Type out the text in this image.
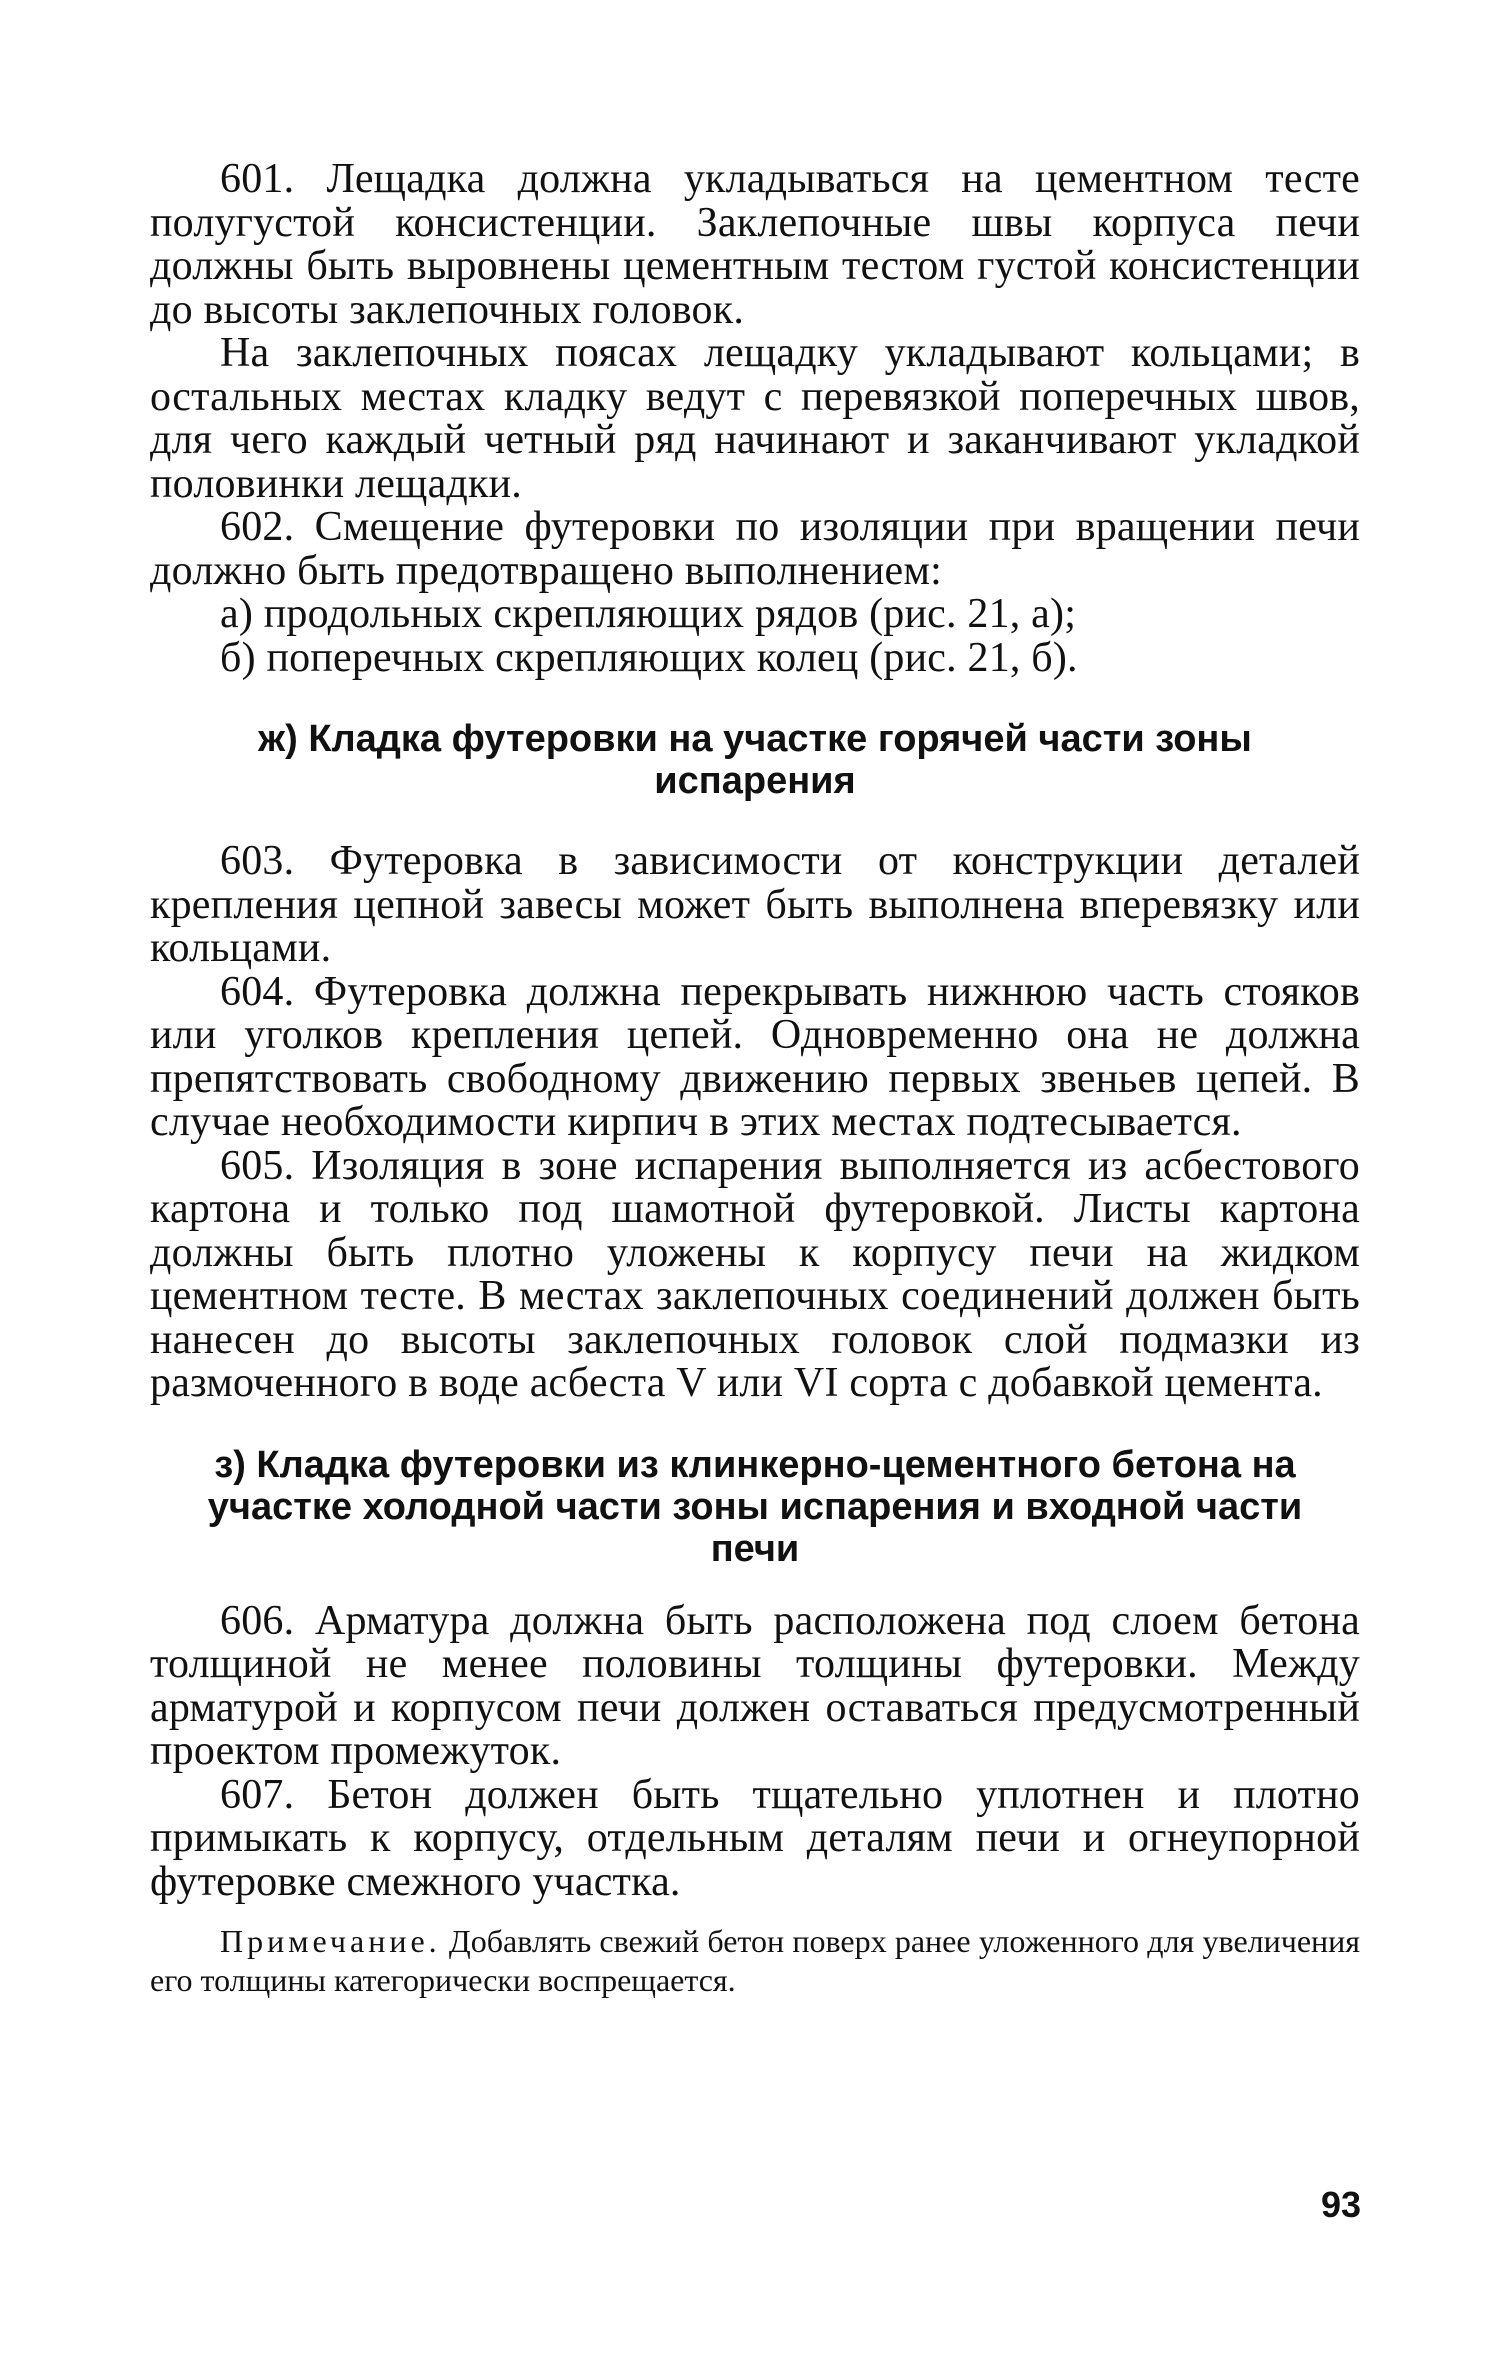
601. Лещадка должна укладываться на цементном тесте полугустой консистенции. Заклепочные швы корпуса печи должны быть выровнены цементным тестом густой консистенции до высоты заклепочных головок.

На заклепочных поясах лещадку укладывают кольцами; в остальных местах кладку ведут с перевязкой поперечных швов, для чего каждый четный ряд начинают и заканчивают укладкой половинки лещадки.

602. Смещение футеровки по изоляции при вращении печи должно быть предотвращено выполнением:

а) продольных скрепляющих рядов (рис. 21, а);

б) поперечных скрепляющих колец (рис. 21, б).

ж) Кладка футеровки на участке горячей части зоны испарения

603. Футеровка в зависимости от конструкции деталей крепления цепной завесы может быть выполнена вперевязку или кольцами.

604. Футеровка должна перекрывать нижнюю часть стояков или уголков крепления цепей. Одновременно она не должна препятствовать свободному движению первых звеньев цепей. В случае необходимости кирпич в этих местах подтесывается.

605. Изоляция в зоне испарения выполняется из асбестового картона и только под шамотной футеровкой. Листы картона должны быть плотно уложены к корпусу печи на жидком цементном тесте. В местах заклепочных соединений должен быть нанесен до высоты заклепочных головок слой подмазки из размоченного в воде асбеста V или VI сорта с добавкой цемента.

з) Кладка футеровки из клинкерно-цементного бетона на участке холодной части зоны испарения и входной части печи

606. Арматура должна быть расположена под слоем бетона толщиной не менее половины толщины футеровки. Между арматурой и корпусом печи должен оставаться предусмотренный проектом промежуток.

607. Бетон должен быть тщательно уплотнен и плотно примыкать к корпусу, отдельным деталям печи и огнеупорной футеровке смежного участка.

Примечание. Добавлять свежий бетон поверх ранее уложенного для увеличения его толщины категорически воспрещается.

93
